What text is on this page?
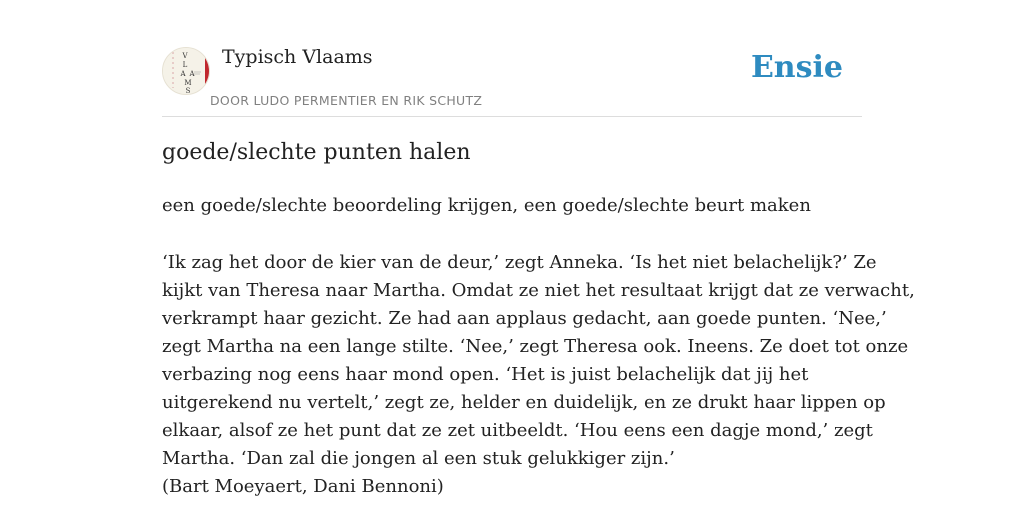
V
L
A A
M
S
Typisch Vlaams
DOOR LUDO PERMENTIER EN RIK SCHUTZ
Ensie
goede/slechte punten halen
een goede/slechte beoordeling krijgen, een goede/slechte beurt maken
‘Ik zag het door de kier van de deur,’ zegt Anneka. ‘Is het niet belachelijk?’ Ze
kijkt van Theresa naar Martha. Omdat ze niet het resultaat krijgt dat ze verwacht,
verkrampt haar gezicht. Ze had aan applaus gedacht, aan goede punten. ‘Nee,’
zegt Martha na een lange stilte. ‘Nee,’ zegt Theresa ook. Ineens. Ze doet tot onze
verbazing nog eens haar mond open. ‘Het is juist belachelijk dat jij het
uitgerekend nu vertelt,’ zegt ze, helder en duidelijk, en ze drukt haar lippen op
elkaar, alsof ze het punt dat ze zet uitbeeldt. ‘Hou eens een dagje mond,’ zegt
Martha. ‘Dan zal die jongen al een stuk gelukkiger zijn.’
(Bart Moeyaert, Dani Bennoni)
